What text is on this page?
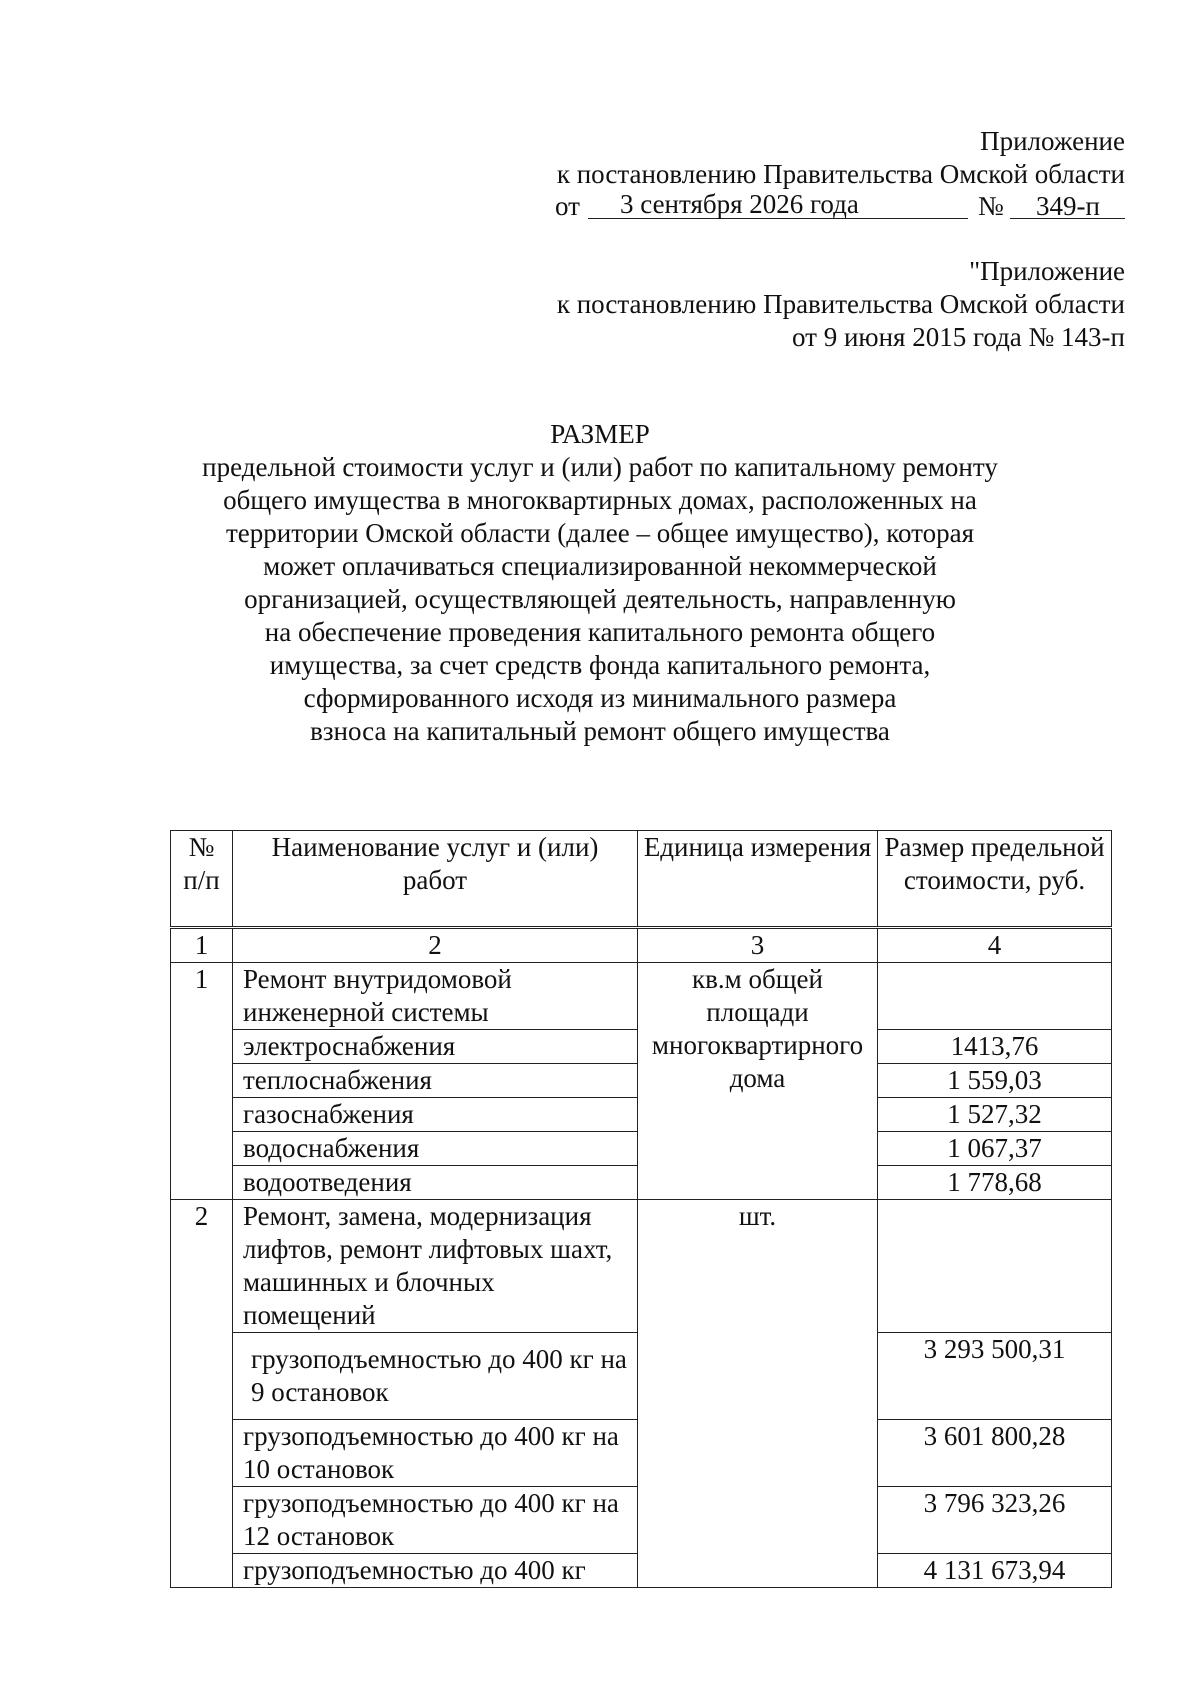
Приложение
к постановлению Правительства Омской области
от 3 сентября 2026 года	№ 349-п
"Приложение
к постановлению Правительства Омской области
от 9 июня 2015 года № 143-п
РАЗМЕР
предельной стоимости услуг и (или) работ по капитальному ремонту
общего имущества в многоквартирных домах, расположенных на
территории Омской области (далее – общее имущество), которая
может оплачиваться специализированной некоммерческой
организацией, осуществляющей деятельность, направленную
на обеспечение проведения капитального ремонта общего
имущества, за счет средств фонда капитального ремонта,
сформированного исходя из минимального размера
взноса на капитальный ремонт общего имущества
№ п/п	Наименование услуг и (или) работ	Единица измерения	Размер предельной стоимости, руб.
1	2	3	4
1	Ремонт внутридомовой инженерной системы	кв.м общей площади многоквартирного дома	
	электроснабжения		1413,76
	теплоснабжения		1 559,03
	газоснабжения		1 527,32
	водоснабжения		1 067,37
	водоотведения		1 778,68
2	Ремонт, замена, модернизация лифтов, ремонт лифтовых шахт, машинных и блочных помещений	шт.	
	грузоподъемностью до 400 кг на 9 остановок		3 293 500,31
	грузоподъемностью до 400 кг на 10 остановок		3 601 800,28
	грузоподъемностью до 400 кг на 12 остановок		3 796 323,26
	грузоподъемностью до 400 кг		4 131 673,94
